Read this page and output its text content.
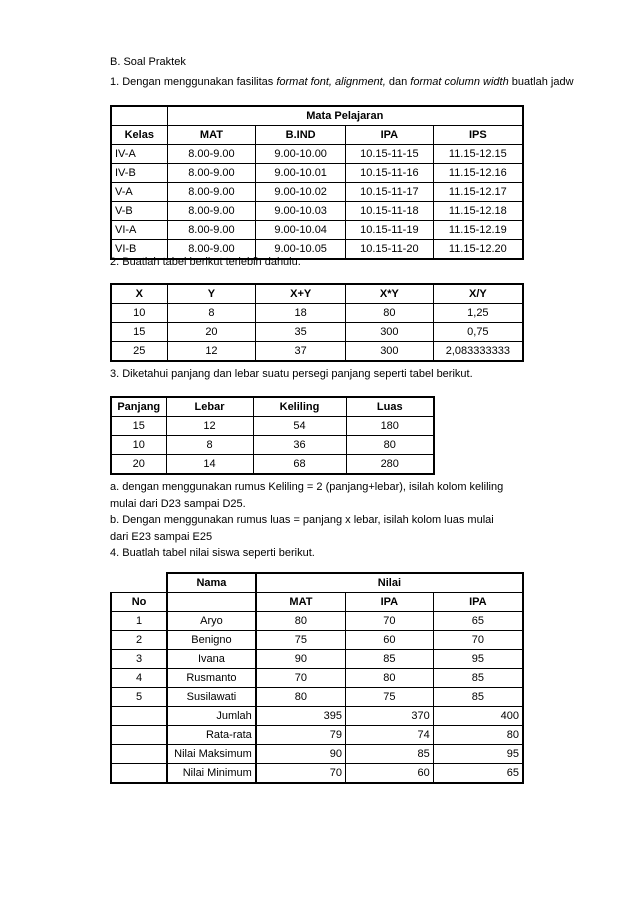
B. Soal Praktek
1. Dengan menggunakan fasilitas format font, alignment, dan format column width buatlah jadw
	Mata Pelajaran			
Kelas	MAT	B.IND	IPA	IPS
IV-A	8.00-9.00	9.00-10.00	10.15-11-15	11.15-12.15
IV-B	8.00-9.00	9.00-10.01	10.15-11-16	11.15-12.16
V-A	8.00-9.00	9.00-10.02	10.15-11-17	11.15-12.17
V-B	8.00-9.00	9.00-10.03	10.15-11-18	11.15-12.18
VI-A	8.00-9.00	9.00-10.04	10.15-11-19	11.15-12.19
VI-B	8.00-9.00	9.00-10.05	10.15-11-20	11.15-12.20
2. Buatlah tabel berikut terlebih dahulu.
X	Y	X+Y	X*Y	X/Y
10	8	18	80	1,25
15	20	35	300	0,75
25	12	37	300	2,083333333
3. Diketahui panjang dan lebar suatu persegi panjang seperti tabel berikut.
Panjang	Lebar	Keliling	Luas
15	12	54	180
10	8	36	80
20	14	68	280
a. dengan menggunakan rumus Keliling = 2 (panjang+lebar), isilah kolom keliling
mulai dari D23 sampai D25.
b. Dengan menggunakan rumus luas = panjang x lebar, isilah kolom luas mulai
dari E23 sampai E25
4. Buatlah tabel nilai siswa seperti berikut.
	Nama	Nilai		
No		MAT	IPA	IPA
1	Aryo	80	70	65
2	Benigno	75	60	70
3	Ivana	90	85	95
4	Rusmanto	70	80	85
5	Susilawati	80	75	85
	Jumlah	395	370	400
	Rata-rata	79	74	80
	Nilai Maksimum	90	85	95
	Nilai Minimum	70	60	65
